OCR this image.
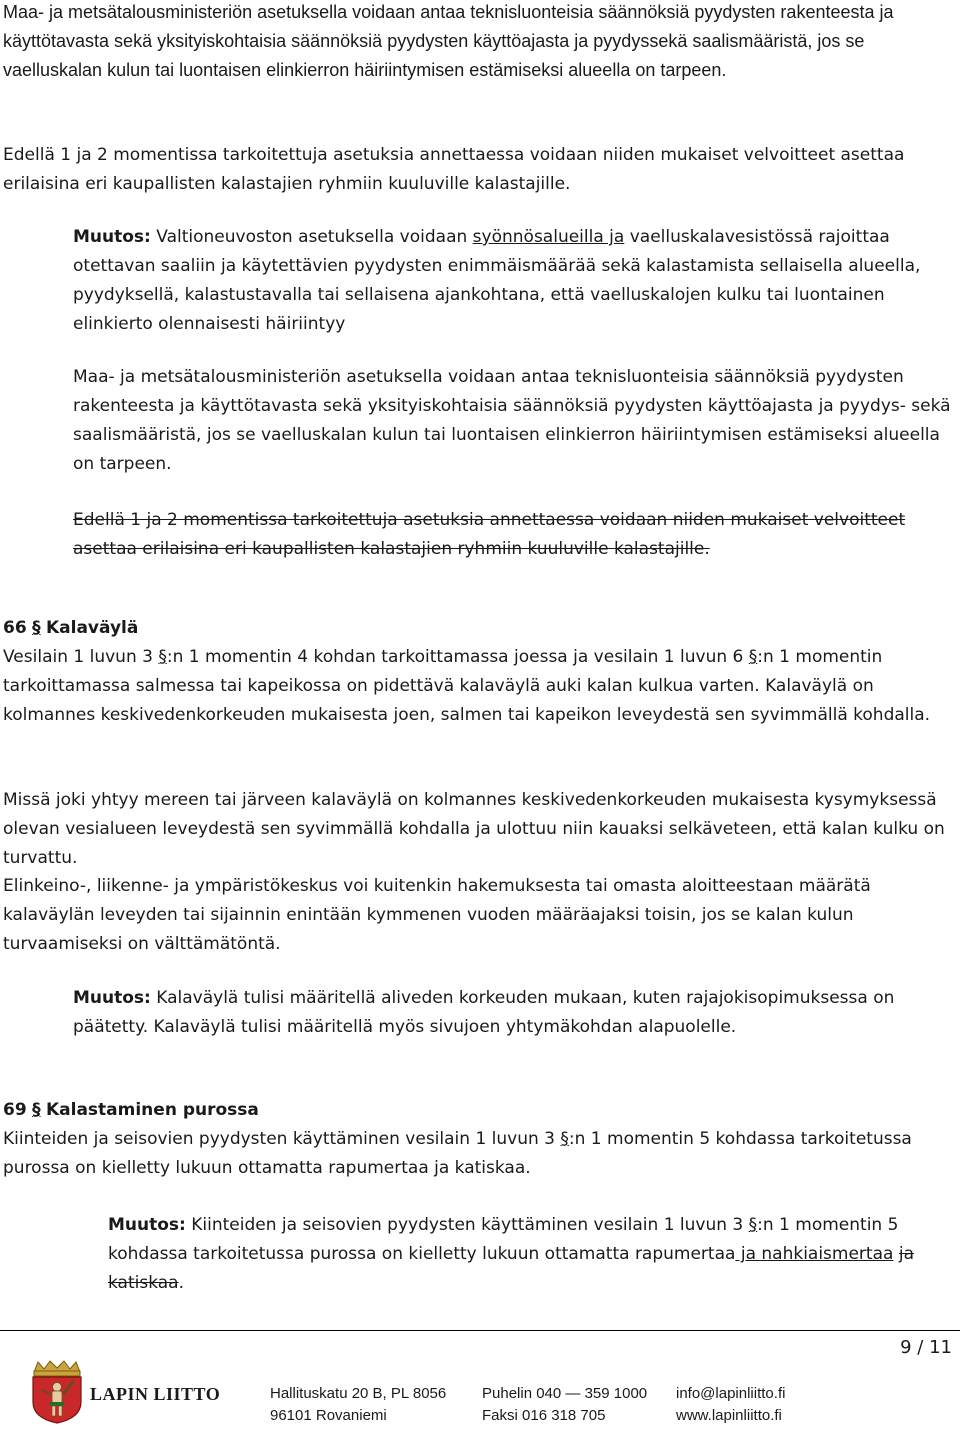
Maa- ja metsätalousministeriön asetuksella voidaan antaa teknisluonteisia säännöksiä pyydysten rakenteesta ja käyttötavasta sekä yksityiskohtaisia säännöksiä pyydysten käyttöajasta ja pyydyssekä saalismääristä, jos se vaelluskalan kulun tai luontaisen elinkierron häiriintymisen estämiseksi alueella on tarpeen.
Edellä 1 ja 2 momentissa tarkoitettuja asetuksia annettaessa voidaan niiden mukaiset velvoitteet asettaa erilaisina eri kaupallisten kalastajien ryhmiin kuuluville kalastajille.
Muutos: Valtioneuvoston asetuksella voidaan syönnösalueilla ja vaelluskalavesistössä rajoittaa otettavan saaliin ja käytettävien pyydysten enimmäismäärää sekä kalastamista sellaisella alueella, pyydyksellä, kalastustavalla tai sellaisena ajankohtana, että vaelluskalojen kulku tai luontainen elinkierto olennaisesti häiriintyy
Maa- ja metsätalousministeriön asetuksella voidaan antaa teknisluonteisia säännöksiä pyydysten rakenteesta ja käyttötavasta sekä yksityiskohtaisia säännöksiä pyydysten käyttöajasta ja pyydys- sekä saalismääristä, jos se vaelluskalan kulun tai luontaisen elinkierron häiriintymisen estämiseksi alueella on tarpeen.
Edellä 1 ja 2 momentissa tarkoitettuja asetuksia annettaessa voidaan niiden mukaiset velvoitteet asettaa erilaisina eri kaupallisten kalastajien ryhmiin kuuluville kalastajille.
66 § Kalaväylä
Vesilain 1 luvun 3 §:n 1 momentin 4 kohdan tarkoittamassa joessa ja vesilain 1 luvun 6 §:n 1 momentin tarkoittamassa salmessa tai kapeikossa on pidettävä kalaväylä auki kalan kulkua varten. Kalaväylä on kolmannes keskivedenkorkeuden mukaisesta joen, salmen tai kapeikon leveydestä sen syvimmällä kohdalla.
Missä joki yhtyy mereen tai järveen kalaväylä on kolmannes keskivedenkorkeuden mukaisesta kysymyksessä olevan vesialueen leveydestä sen syvimmällä kohdalla ja ulottuu niin kauaksi selkäveteen, että kalan kulku on turvattu.
Elinkeino-, liikenne- ja ympäristökeskus voi kuitenkin hakemuksesta tai omasta aloitteestaan määrätä kalaväylän leveyden tai sijainnin enintään kymmenen vuoden määräajaksi toisin, jos se kalan kulun turvaamiseksi on välttämätöntä.
Muutos: Kalaväylä tulisi määritellä aliveden korkeuden mukaan, kuten rajajokisopimuksessa on päätetty. Kalaväylä tulisi määritellä myös sivujoen yhtymäkohdan alapuolelle.
69 § Kalastaminen purossa
Kiinteiden ja seisovien pyydysten käyttäminen vesilain 1 luvun 3 §:n 1 momentin 5 kohdassa tarkoitetussa purossa on kielletty lukuun ottamatta rapumertaa ja katiskaa.
Muutos: Kiinteiden ja seisovien pyydysten käyttäminen vesilain 1 luvun 3 §:n 1 momentin 5 kohdassa tarkoitetussa purossa on kielletty lukuun ottamatta rapumertaa ja nahkiaismertaa ja katiskaa.
9 / 11
LAPIN LIITTO	Hallituskatu 20 B, PL 8056
96101 Rovaniemi
Puhelin 040 — 359 1000
Faksi 016 318 705
info@lapinliitto.fi
www.lapinliitto.fi
